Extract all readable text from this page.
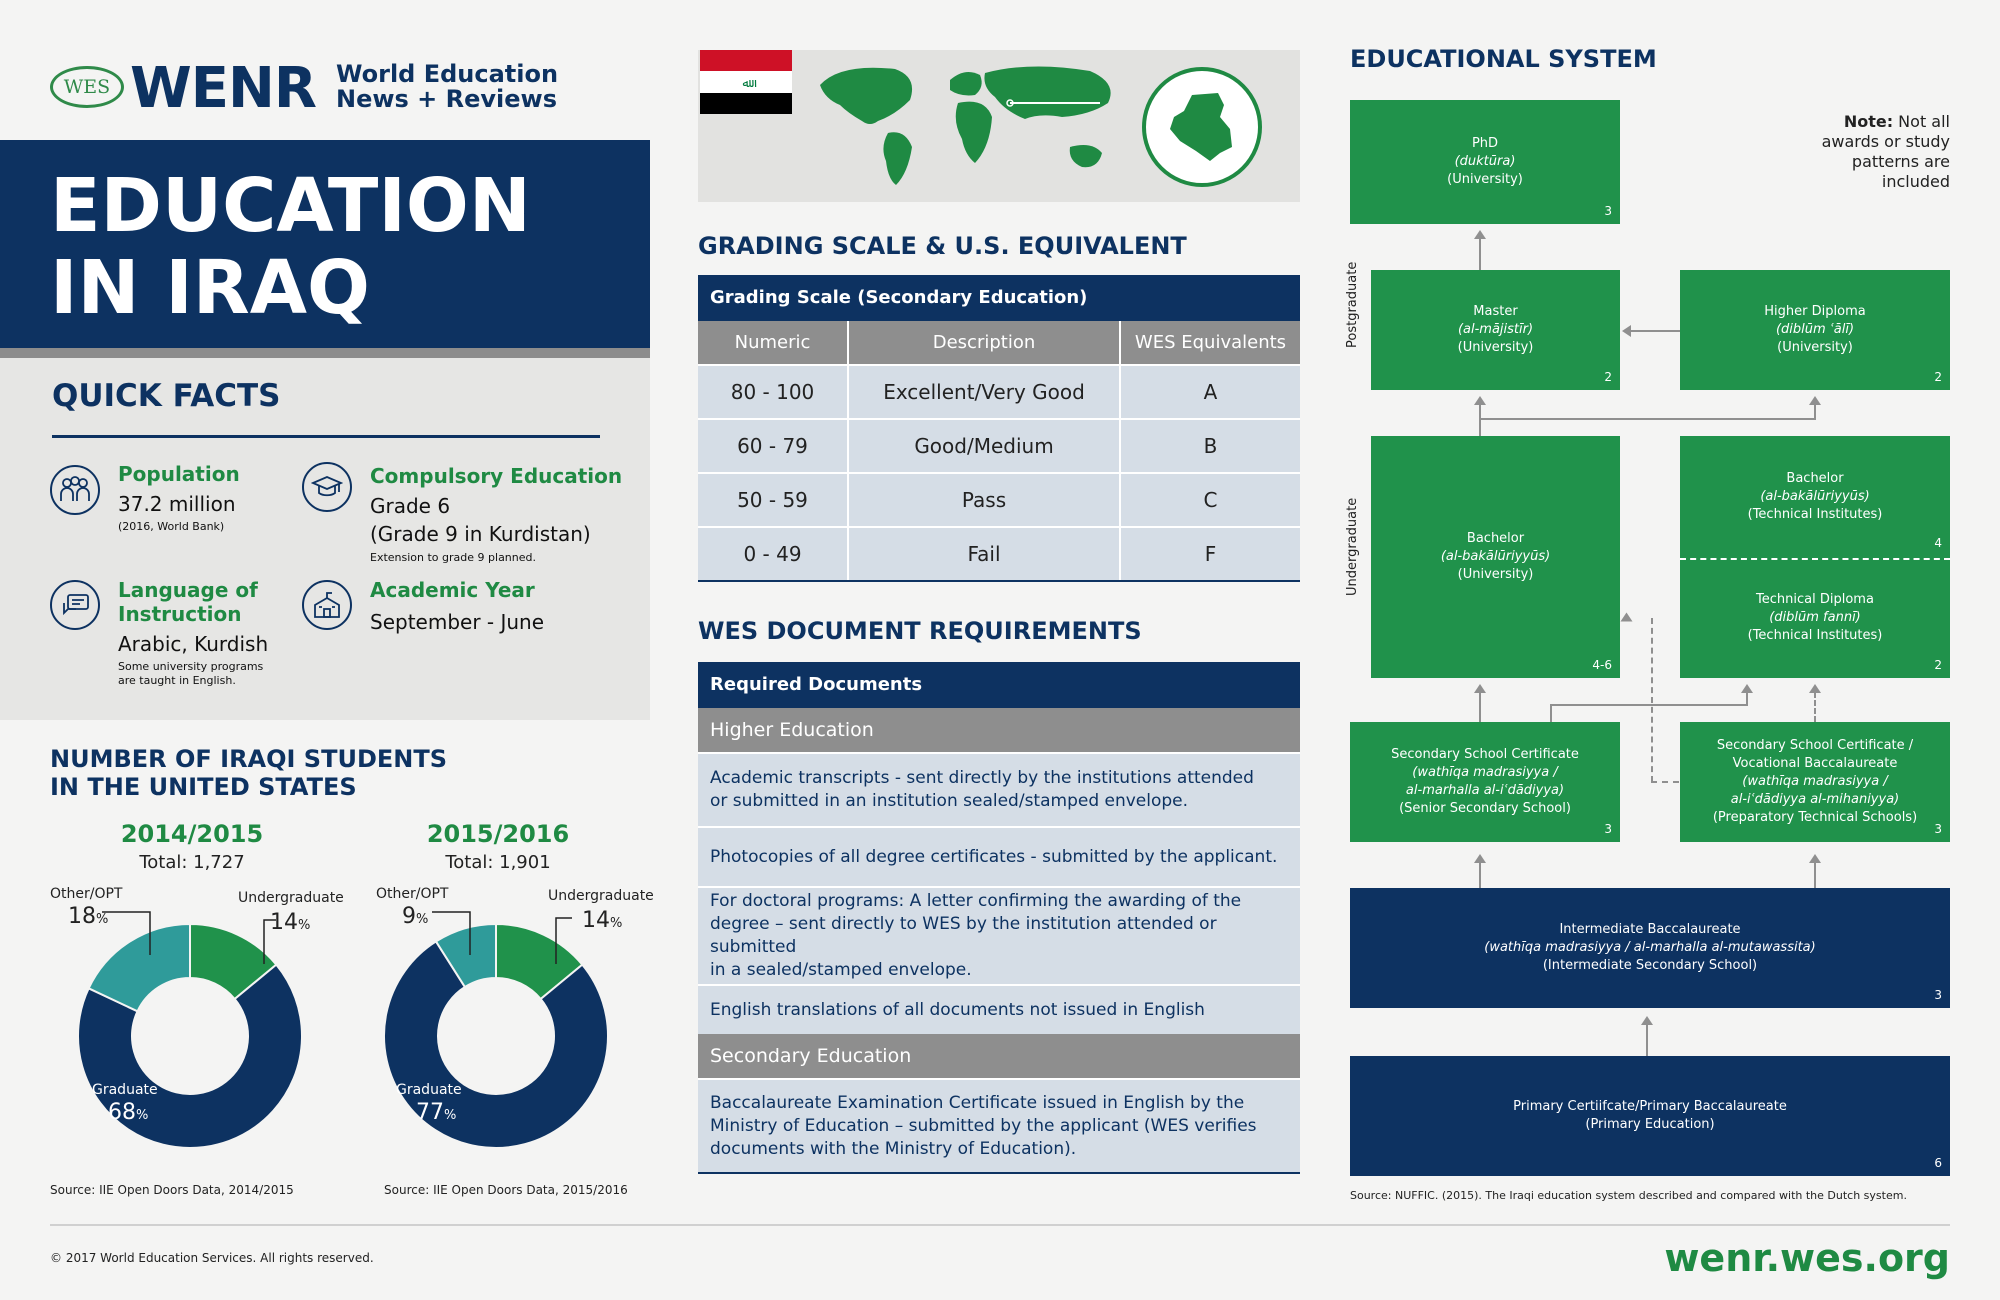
WES WENR World Education
News + Reviews
EDUCATION
IN IRAQ
QUICK FACTS
Population
37.2 million
(2016, World Bank)
Compulsory Education
Grade 6
(Grade 9 in Kurdistan)
Extension to grade 9 planned.
Language of
Instruction
Arabic, Kurdish
Some university programs
are taught in English.
Academic Year
September - June
NUMBER OF IRAQI STUDENTS
IN THE UNITED STATES
2014/2015
Total: 1,727
Other/OPT
18%
Undergraduate
14%
Graduate
68%
Source: IIE Open Doors Data, 2014/2015
2015/2016
Total: 1,901
Other/OPT
9%
Undergraduate
14%
Graduate
77%
Source: IIE Open Doors Data, 2015/2016
ﷲ
GRADING SCALE & U.S. EQUIVALENT
Grading Scale (Secondary Education)
Numeric	Description	WES Equivalents
80 - 100	Excellent/Very Good	A
60 - 79	Good/Medium	B
50 - 59	Pass	C
0 - 49	Fail	F
WES DOCUMENT REQUIREMENTS
Required Documents
Higher Education
Academic transcripts - sent directly by the institutions attended
or submitted in an institution sealed/stamped envelope.
Photocopies of all degree certificates - submitted by the applicant.
For doctoral programs: A letter confirming the awarding of the
degree – sent directly to WES by the institution attended or submitted
in a sealed/stamped envelope.
English translations of all documents not issued in English
Secondary Education
Baccalaureate Examination Certificate issued in English by the
Ministry of Education – submitted by the applicant (WES verifies
documents with the Ministry of Education).
EDUCATIONAL SYSTEM
Note: Not all
awards or study
patterns are
included
Postgraduate
Undergraduate
PhD
(duktūra)
(University)
3
Master
(al-mājistīr)
(University)
2
Higher Diploma
(diblūm ʿālī)
(University)
2
Bachelor
(al-bakālūriyyūs)
(University)
4-6
Bachelor
(al-bakālūriyyūs)
(Technical Institutes)
4
Technical Diploma
(diblūm fannī)
(Technical Institutes)
2
Secondary School Certificate
(wathīqa madrasiyya /
al-marhalla al-iʿdādiyya)
(Senior Secondary School)
3
Secondary School Certificate /
Vocational Baccalaureate
(wathīqa madrasiyya /
al-iʿdādiyya al-mihaniyya)
(Preparatory Technical Schools)
3
Intermediate Baccalaureate
(wathīqa madrasiyya / al-marhalla al-mutawassita)
(Intermediate Secondary School)
3
Primary Certiifcate/Primary Baccalaureate
(Primary Education)
6
Source: NUFFIC. (2015). The Iraqi education system described and compared with the Dutch system.
© 2017 World Education Services. All rights reserved.	wenr.wes.org
